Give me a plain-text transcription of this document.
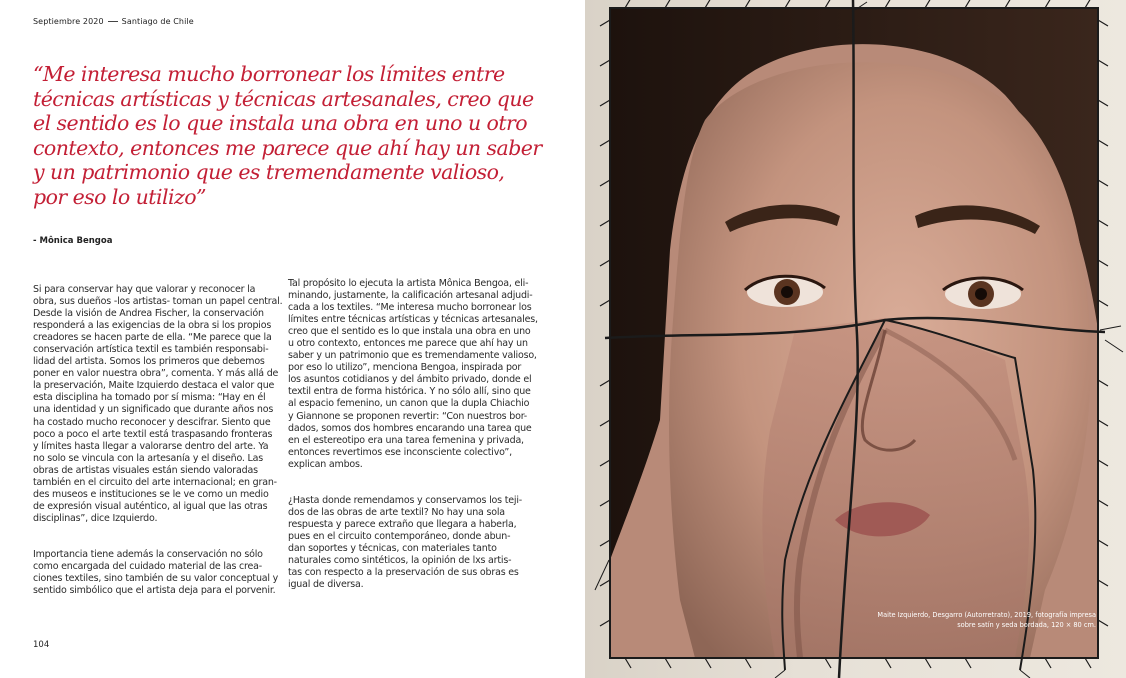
Septiembre 2020 Santiago de Chile
“Me interesa mucho borronear los límites entre
técnicas artísticas y técnicas artesanales, creo que
el sentido es lo que instala una obra en uno u otro
contexto, entonces me parece que ahí hay un saber
y un patrimonio que es tremendamente valioso,
por eso lo utilizo”
- Mônica Bengoa

Si para conservar hay que valorar y reconocer la
obra, sus dueños -los artistas- toman un papel central.
Desde la visión de Andrea Fischer, la conservación
responderá a las exigencias de la obra si los propios
creadores se hacen parte de ella. “Me parece que la
conservación artística textil es también responsabi-
lidad del artista. Somos los primeros que debemos
poner en valor nuestra obra”, comenta. Y más allá de
la preservación, Maite Izquierdo destaca el valor que
esta disciplina ha tomado por sí misma: “Hay en él
una identidad y un significado que durante años nos
ha costado mucho reconocer y descifrar. Siento que
poco a poco el arte textil está traspasando fronteras
y límites hasta llegar a valorarse dentro del arte. Ya
no solo se vincula con la artesanía y el diseño. Las
obras de artistas visuales están siendo valoradas
también en el circuito del arte internacional; en gran-
des museos e instituciones se le ve como un medio
de expresión visual auténtico, al igual que las otras
disciplinas”, dice Izquierdo.

Importancia tiene además la conservación no sólo
como encargada del cuidado material de las crea-
ciones textiles, sino también de su valor conceptual y
sentido simbólico que el artista deja para el porvenir.

Tal propósito lo ejecuta la artista Mônica Bengoa, eli-
minando, justamente, la calificación artesanal adjudi-
cada a los textiles. “Me interesa mucho borronear los
límites entre técnicas artísticas y técnicas artesanales,
creo que el sentido es lo que instala una obra en uno
u otro contexto, entonces me parece que ahí hay un
saber y un patrimonio que es tremendamente valioso,
por eso lo utilizo”, menciona Bengoa, inspirada por
los asuntos cotidianos y del ámbito privado, donde el
textil entra de forma histórica. Y no sólo allí, sino que
al espacio femenino, un canon que la dupla Chiachio
y Giannone se proponen revertir: “Con nuestros bor-
dados, somos dos hombres encarando una tarea que
en el estereotipo era una tarea femenina y privada,
entonces revertimos ese inconsciente colectivo”,
explican ambos.

¿Hasta donde remendamos y conservamos los teji-
dos de las obras de arte textil? No hay una sola
respuesta y parece extraño que llegara a haberla,
pues en el circuito contemporáneo, donde abun-
dan soportes y técnicas, con materiales tanto
naturales como sintéticos, la opinión de lxs artis-
tas con respecto a la preservación de sus obras es
igual de diversa.

104
Maite Izquierdo, Desgarro (Autorretrato), 2019, fotografía impresa
sobre satín y seda bordada, 120 × 80 cm.
